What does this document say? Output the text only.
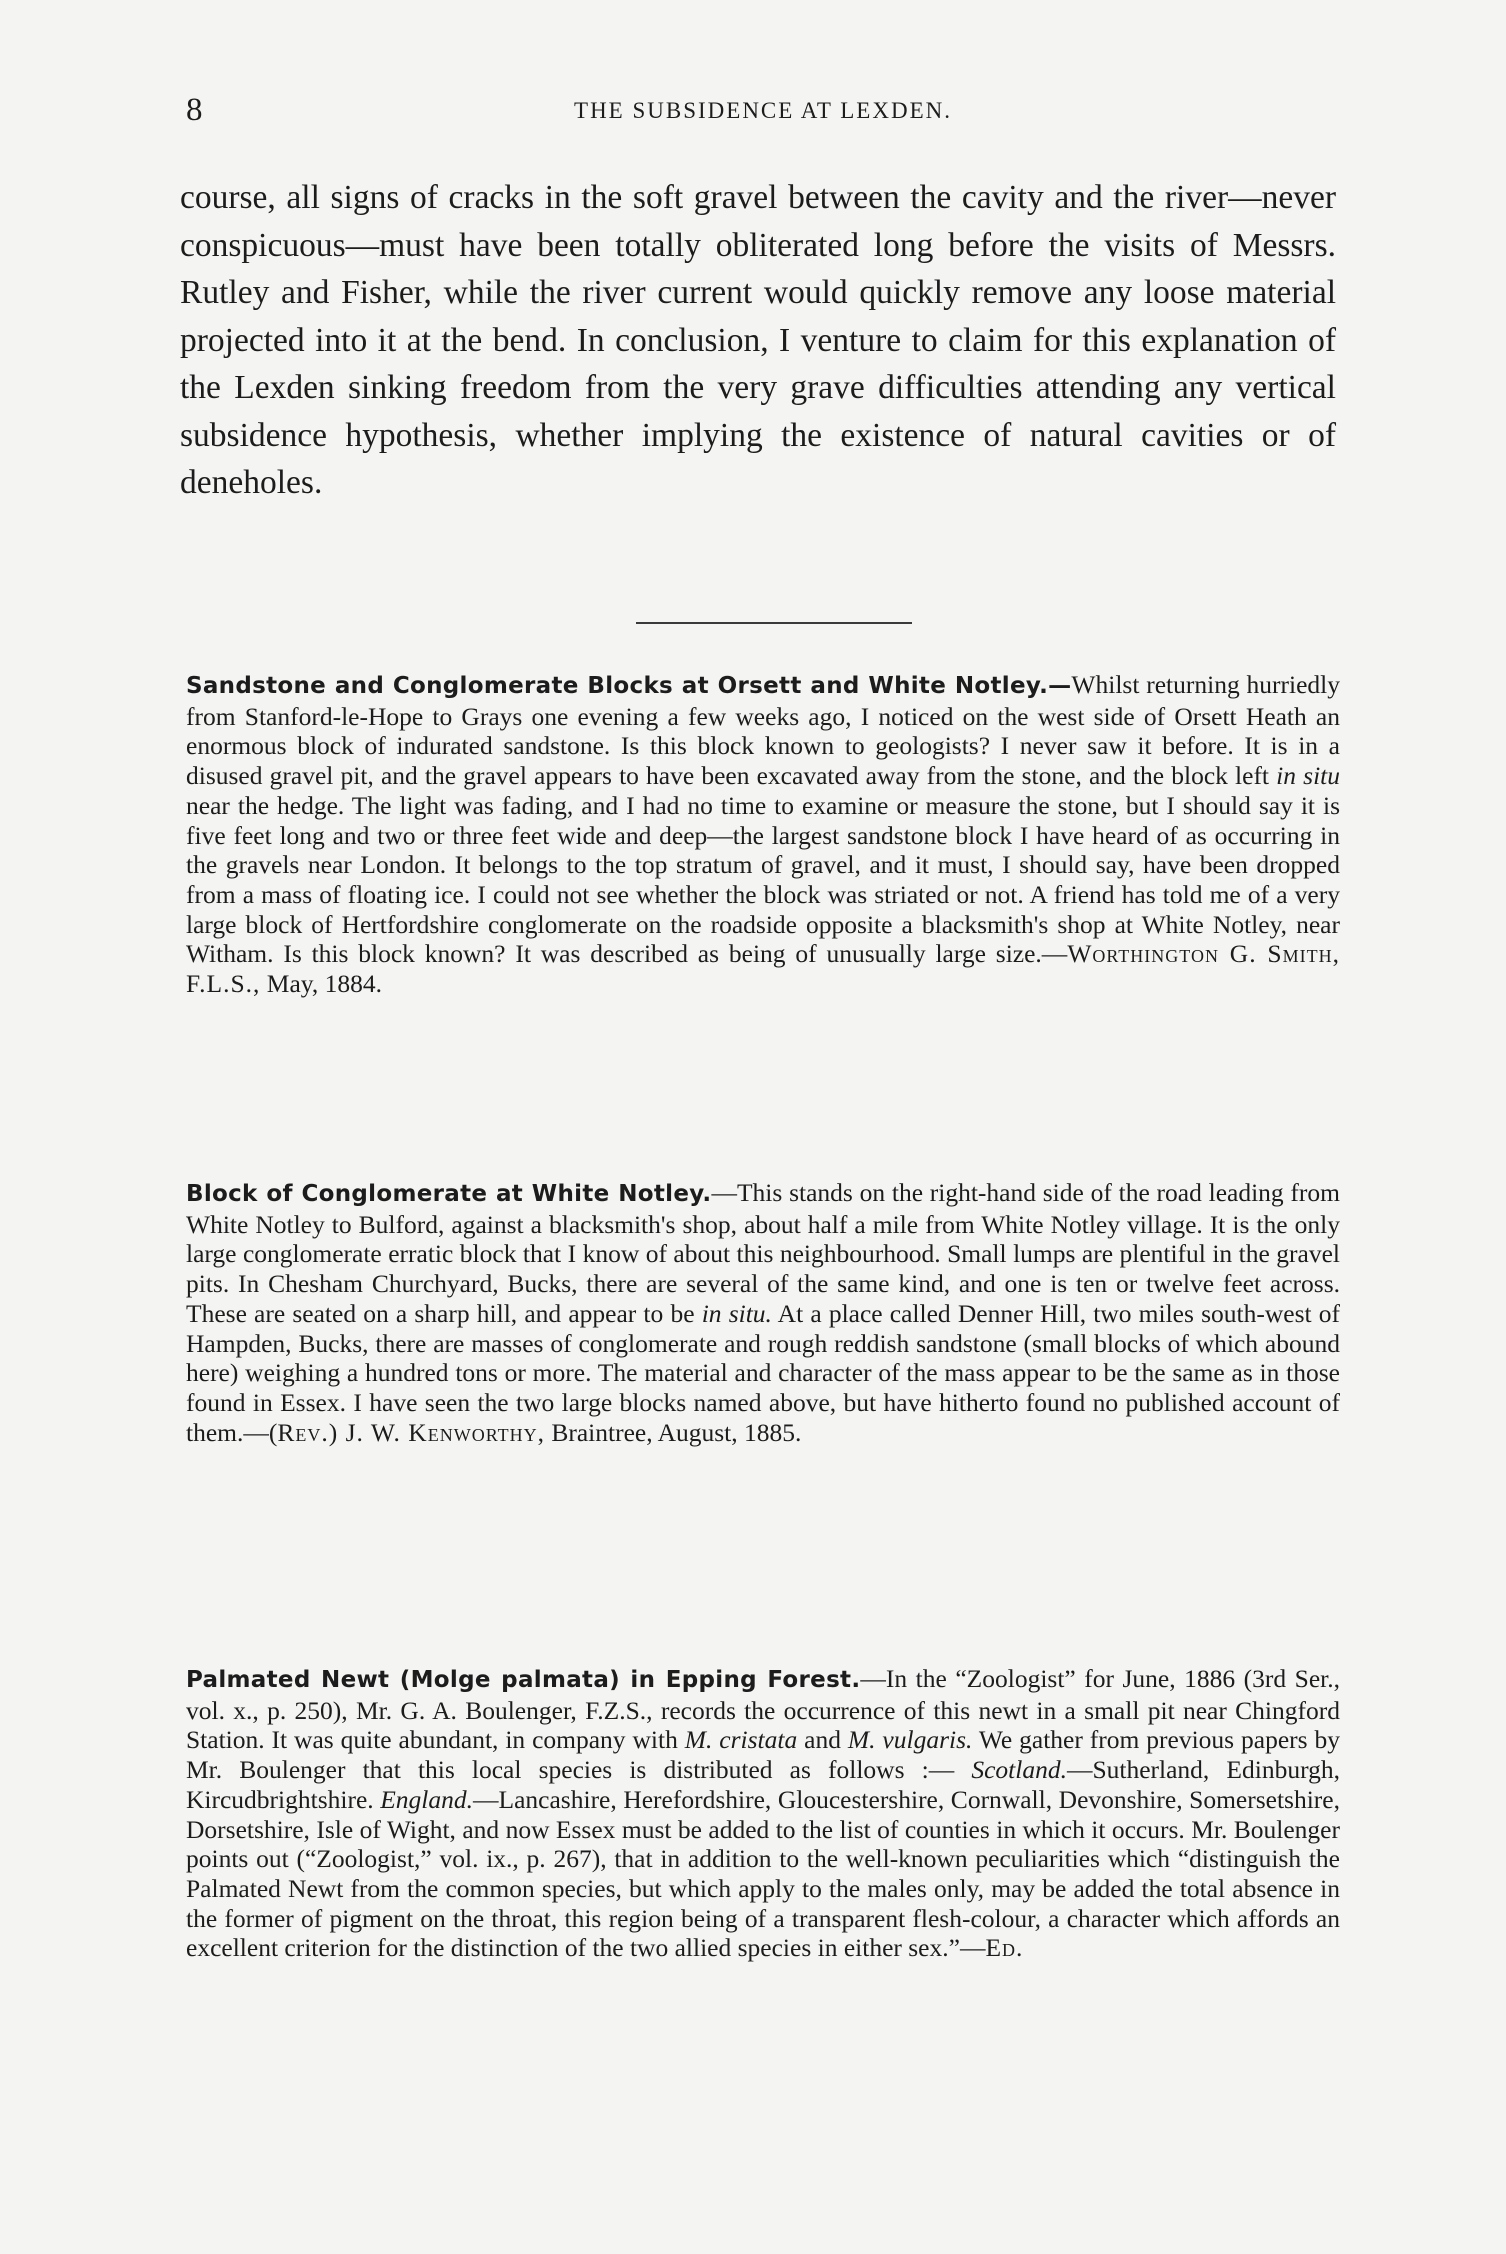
8	THE SUBSIDENCE AT LEXDEN.

course, all signs of cracks in the soft gravel between the cavity and the river—never conspicuous—must have been totally obliterated long before the visits of Messrs. Rutley and Fisher, while the river current would quickly remove any loose material projected into it at the bend. In conclusion, I venture to claim for this explanation of the Lexden sinking freedom from the very grave difficulties attending any vertical subsidence hypothesis, whether implying the existence of natural cavities or of deneholes.

Sandstone and Conglomerate Blocks at Orsett and White Notley.—Whilst returning hurriedly from Stanford-le-Hope to Grays one evening a few weeks ago, I noticed on the west side of Orsett Heath an enormous block of indurated sandstone. Is this block known to geologists? I never saw it before. It is in a disused gravel pit, and the gravel appears to have been excavated away from the stone, and the block left in situ near the hedge. The light was fading, and I had no time to examine or measure the stone, but I should say it is five feet long and two or three feet wide and deep—the largest sandstone block I have heard of as occurring in the gravels near London. It belongs to the top stratum of gravel, and it must, I should say, have been dropped from a mass of floating ice. I could not see whether the block was striated or not. A friend has told me of a very large block of Hertfordshire conglomerate on the roadside opposite a blacksmith's shop at White Notley, near Witham. Is this block known? It was described as being of unusually large size.—Worthington G. Smith, F.L.S., May, 1884.

Block of Conglomerate at White Notley.—This stands on the right-hand side of the road leading from White Notley to Bulford, against a blacksmith's shop, about half a mile from White Notley village. It is the only large conglomerate erratic block that I know of about this neighbourhood. Small lumps are plentiful in the gravel pits. In Chesham Churchyard, Bucks, there are several of the same kind, and one is ten or twelve feet across. These are seated on a sharp hill, and appear to be in situ. At a place called Denner Hill, two miles south-west of Hampden, Bucks, there are masses of conglomerate and rough reddish sandstone (small blocks of which abound here) weighing a hundred tons or more. The material and character of the mass appear to be the same as in those found in Essex. I have seen the two large blocks named above, but have hitherto found no published account of them.—(Rev.) J. W. Kenworthy, Braintree, August, 1885.

Palmated Newt (Molge palmata) in Epping Forest.—In the “Zoologist” for June, 1886 (3rd Ser., vol. x., p. 250), Mr. G. A. Boulenger, F.Z.S., records the occurrence of this newt in a small pit near Chingford Station. It was quite abundant, in company with M. cristata and M. vulgaris. We gather from previous papers by Mr. Boulenger that this local species is distributed as follows :— Scotland.—Sutherland, Edinburgh, Kircudbrightshire. England.—Lancashire, Herefordshire, Gloucestershire, Cornwall, Devonshire, Somersetshire, Dorsetshire, Isle of Wight, and now Essex must be added to the list of counties in which it occurs. Mr. Boulenger points out (“Zoologist,” vol. ix., p. 267), that in addition to the well-known peculiarities which “distinguish the Palmated Newt from the common species, but which apply to the males only, may be added the total absence in the former of pigment on the throat, this region being of a transparent flesh-colour, a character which affords an excellent criterion for the distinction of the two allied species in either sex.”—Ed.
